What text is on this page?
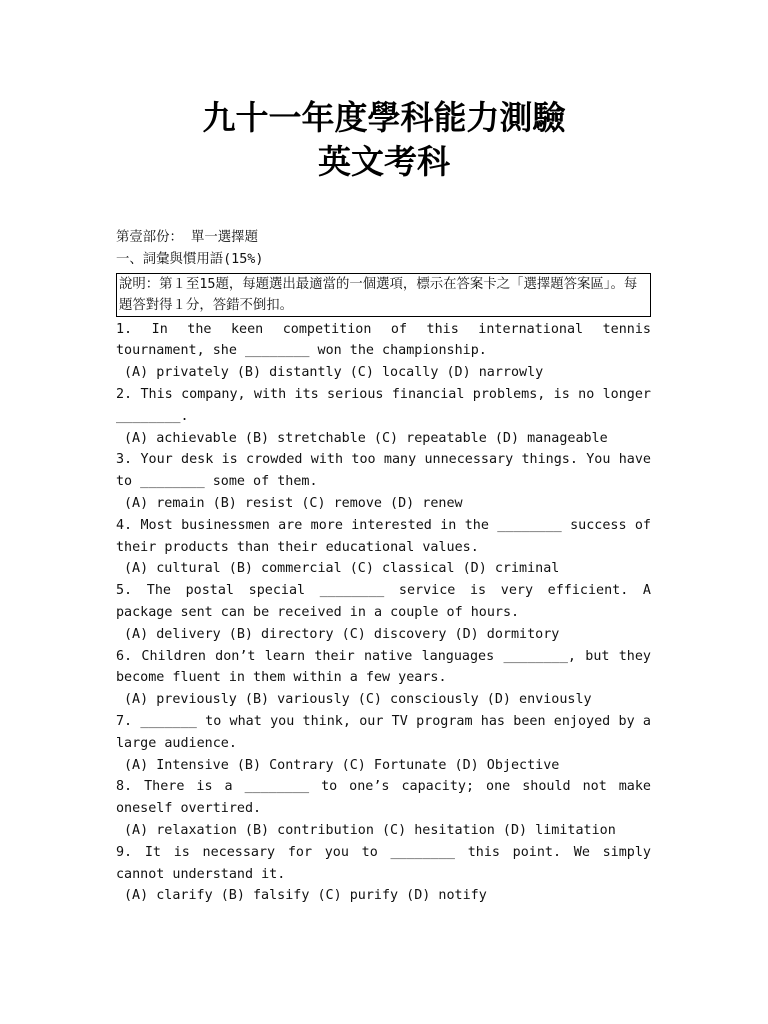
九十一年度學科能力測驗
英文考科
第壹部份： 單一選擇題
一、詞彙與慣用語(15%)
說明：第１至15題，每題選出最適當的一個選項，標示在答案卡之「選擇題答案區」。每題答對得１分，答錯不倒扣。
1. In the keen competition of this international tennis tournament, she ________ won the championship.
(A) privately (B) distantly (C) locally (D) narrowly
2. This company, with its serious financial problems, is no longer ________.
(A) achievable (B) stretchable (C) repeatable (D) manageable
3. Your desk is crowded with too many unnecessary things. You have to ________ some of them.
(A) remain (B) resist (C) remove (D) renew
4. Most businessmen are more interested in the ________ success of their products than their educational values.
(A) cultural (B) commercial (C) classical (D) criminal
5. The postal special ________ service is very efficient. A package sent can be received in a couple of hours.
(A) delivery (B) directory (C) discovery (D) dormitory
6. Children don’t learn their native languages ________, but they become fluent in them within a few years.
(A) previously (B) variously (C) consciously (D) enviously
7. _______ to what you think, our TV program has been enjoyed by a large audience.
(A) Intensive (B) Contrary (C) Fortunate (D) Objective
8. There is a ________ to one’s capacity; one should not make oneself overtired.
(A) relaxation (B) contribution (C) hesitation (D) limitation
9. It is necessary for you to ________ this point. We simply cannot understand it.
(A) clarify (B) falsify (C) purify (D) notify
